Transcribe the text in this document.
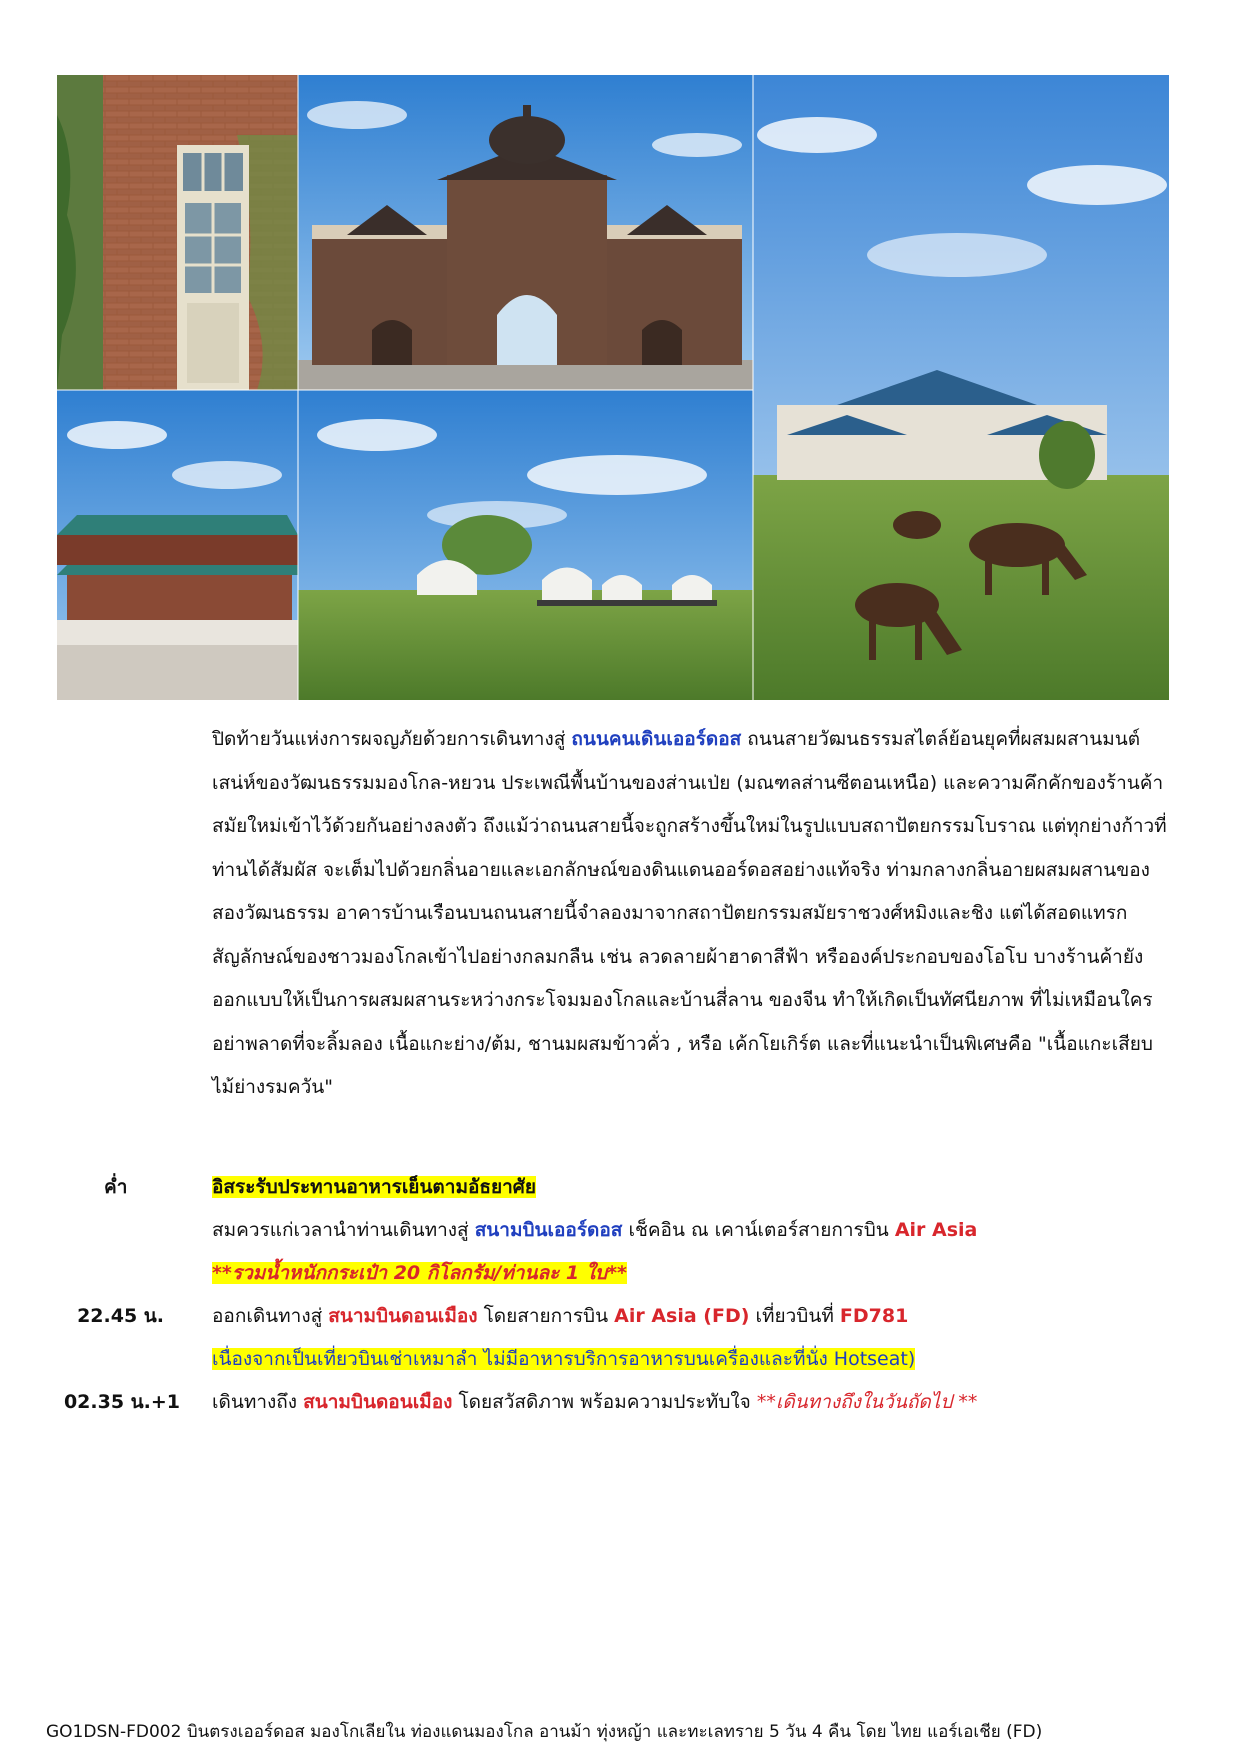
ปิดท้ายวันแห่งการผจญภัยด้วยการเดินทางสู่ ถนนคนเดินเออร์ดอส ถนนสายวัฒนธรรมสไตล์ย้อนยุคที่ผสมผสานมนต์เสน่ห์ของวัฒนธรรมมองโกล-หยวน ประเพณีพื้นบ้านของส่านเป่ย (มณฑลส่านซีตอนเหนือ) และความคึกคักของร้านค้าสมัยใหม่เข้าไว้ด้วยกันอย่างลงตัว ถึงแม้ว่าถนนสายนี้จะถูกสร้างขึ้นใหม่ในรูปแบบสถาปัตยกรรมโบราณ แต่ทุกย่างก้าวที่ท่านได้สัมผัส จะเต็มไปด้วยกลิ่นอายและเอกลักษณ์ของดินแดนออร์ดอสอย่างแท้จริง ท่ามกลางกลิ่นอายผสมผสานของสองวัฒนธรรม อาคารบ้านเรือนบนถนนสายนี้จำลองมาจากสถาปัตยกรรมสมัยราชวงศ์หมิงและชิง แต่ได้สอดแทรกสัญลักษณ์ของชาวมองโกลเข้าไปอย่างกลมกลืน เช่น ลวดลายผ้าฮาดาสีฟ้า หรือองค์ประกอบของโอโบ บางร้านค้ายังออกแบบให้เป็นการผสมผสานระหว่างกระโจมมองโกลและบ้านสี่ลาน ของจีน ทำให้เกิดเป็นทัศนียภาพ ที่ไม่เหมือนใคร อย่าพลาดที่จะลิ้มลอง เนื้อแกะย่าง/ต้ม, ชานมผสมข้าวคั่ว , หรือ เค้กโยเกิร์ต และที่แนะนำเป็นพิเศษคือ "เนื้อแกะเสียบไม้ย่างรมควัน"

ค่ำ	อิสระรับประทานอาหารเย็นตามอัธยาศัย
สมควรแก่เวลานำท่านเดินทางสู่ สนามบินเออร์ดอส เช็คอิน ณ เคาน์เตอร์สายการบิน Air Asia
**รวมน้ำหนักกระเป๋า 20 กิโลกรัม/ท่านละ 1 ใบ**
22.45 น.	ออกเดินทางสู่ สนามบินดอนเมือง โดยสายการบิน Air Asia (FD) เที่ยวบินที่ FD781
เนื่องจากเป็นเที่ยวบินเช่าเหมาลำ ไม่มีอาหารบริการอาหารบนเครื่องและที่นั่ง Hotseat)
02.35 น.+1 เดินทางถึง สนามบินดอนเมือง โดยสวัสดิภาพ พร้อมความประทับใจ **เดินทางถึงในวันถัดไป **
GO1DSN-FD002 บินตรงเออร์ดอส มองโกเลียใน ท่องแดนมองโกล อานม้า ทุ่งหญ้า และทะเลทราย 5 วัน 4 คืน โดย ไทย แอร์เอเชีย (FD)
